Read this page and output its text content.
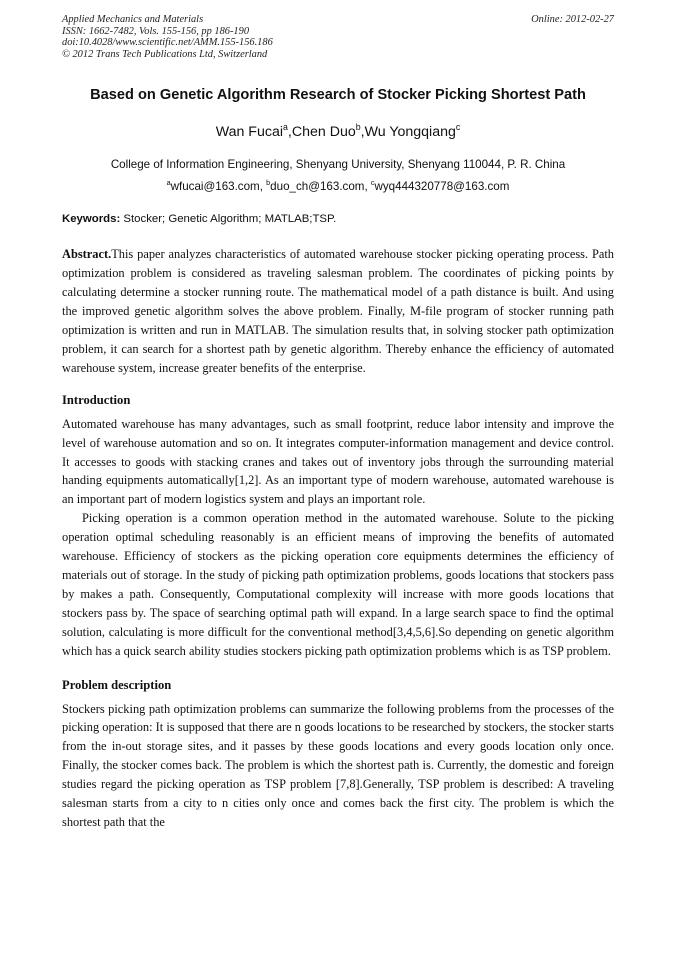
Applied Mechanics and Materials
ISSN: 1662-7482, Vols. 155-156, pp 186-190
doi:10.4028/www.scientific.net/AMM.155-156.186
© 2012 Trans Tech Publications Ltd, Switzerland
Online: 2012-02-27
Based on Genetic Algorithm Research of Stocker Picking Shortest Path
Wan Fucai$^a$,Chen Duo$^b$,Wu Yongqiang$^c$
College of Information Engineering, Shenyang University, Shenyang 110044, P. R. China
$^a$wfucai@163.com, $^b$duo_ch@163.com, $^c$wyq444320778@163.com
Keywords: Stocker; Genetic Algorithm; MATLAB;TSP.

Abstract.This paper analyzes characteristics of automated warehouse stocker picking operating process. Path optimization problem is considered as traveling salesman problem. The coordinates of picking points by calculating determine a stocker running route. The mathematical model of a path distance is built. And using the improved genetic algorithm solves the above problem. Finally, M-file program of stocker running path optimization is written and run in MATLAB. The simulation results that, in solving stocker path optimization problem, it can search for a shortest path by genetic algorithm. Thereby enhance the efficiency of automated warehouse system, increase greater benefits of the enterprise.

Introduction

Automated warehouse has many advantages, such as small footprint, reduce labor intensity and improve the level of warehouse automation and so on. It integrates computer-information management and device control. It accesses to goods with stacking cranes and takes out of inventory jobs through the surrounding material handing equipments automatically[1,2]. As an important type of modern warehouse, automated warehouse is an important part of modern logistics system and plays an important role.

Picking operation is a common operation method in the automated warehouse. Solute to the picking operation optimal scheduling reasonably is an efficient means of improving the benefits of automated warehouse. Efficiency of stockers as the picking operation core equipments determines the efficiency of materials out of storage. In the study of picking path optimization problems, goods locations that stockers pass by makes a path. Consequently, Computational complexity will increase with more goods locations that stockers pass by. The space of searching optimal path will expand. In a large search space to find the optimal solution, calculating is more difficult for the conventional method[3,4,5,6].So depending on genetic algorithm which has a quick search ability studies stockers picking path optimization problems which is as TSP problem.

Problem description

Stockers picking path optimization problems can summarize the following problems from the processes of the picking operation: It is supposed that there are n goods locations to be researched by stockers, the stocker starts from the in-out storage sites, and it passes by these goods locations and every goods location only once. Finally, the stocker comes back. The problem is which the shortest path is. Currently, the domestic and foreign studies regard the picking operation as TSP problem [7,8].Generally, TSP problem is described: A traveling salesman starts from a city to n cities only once and comes back the first city. The problem is which the shortest path that the
